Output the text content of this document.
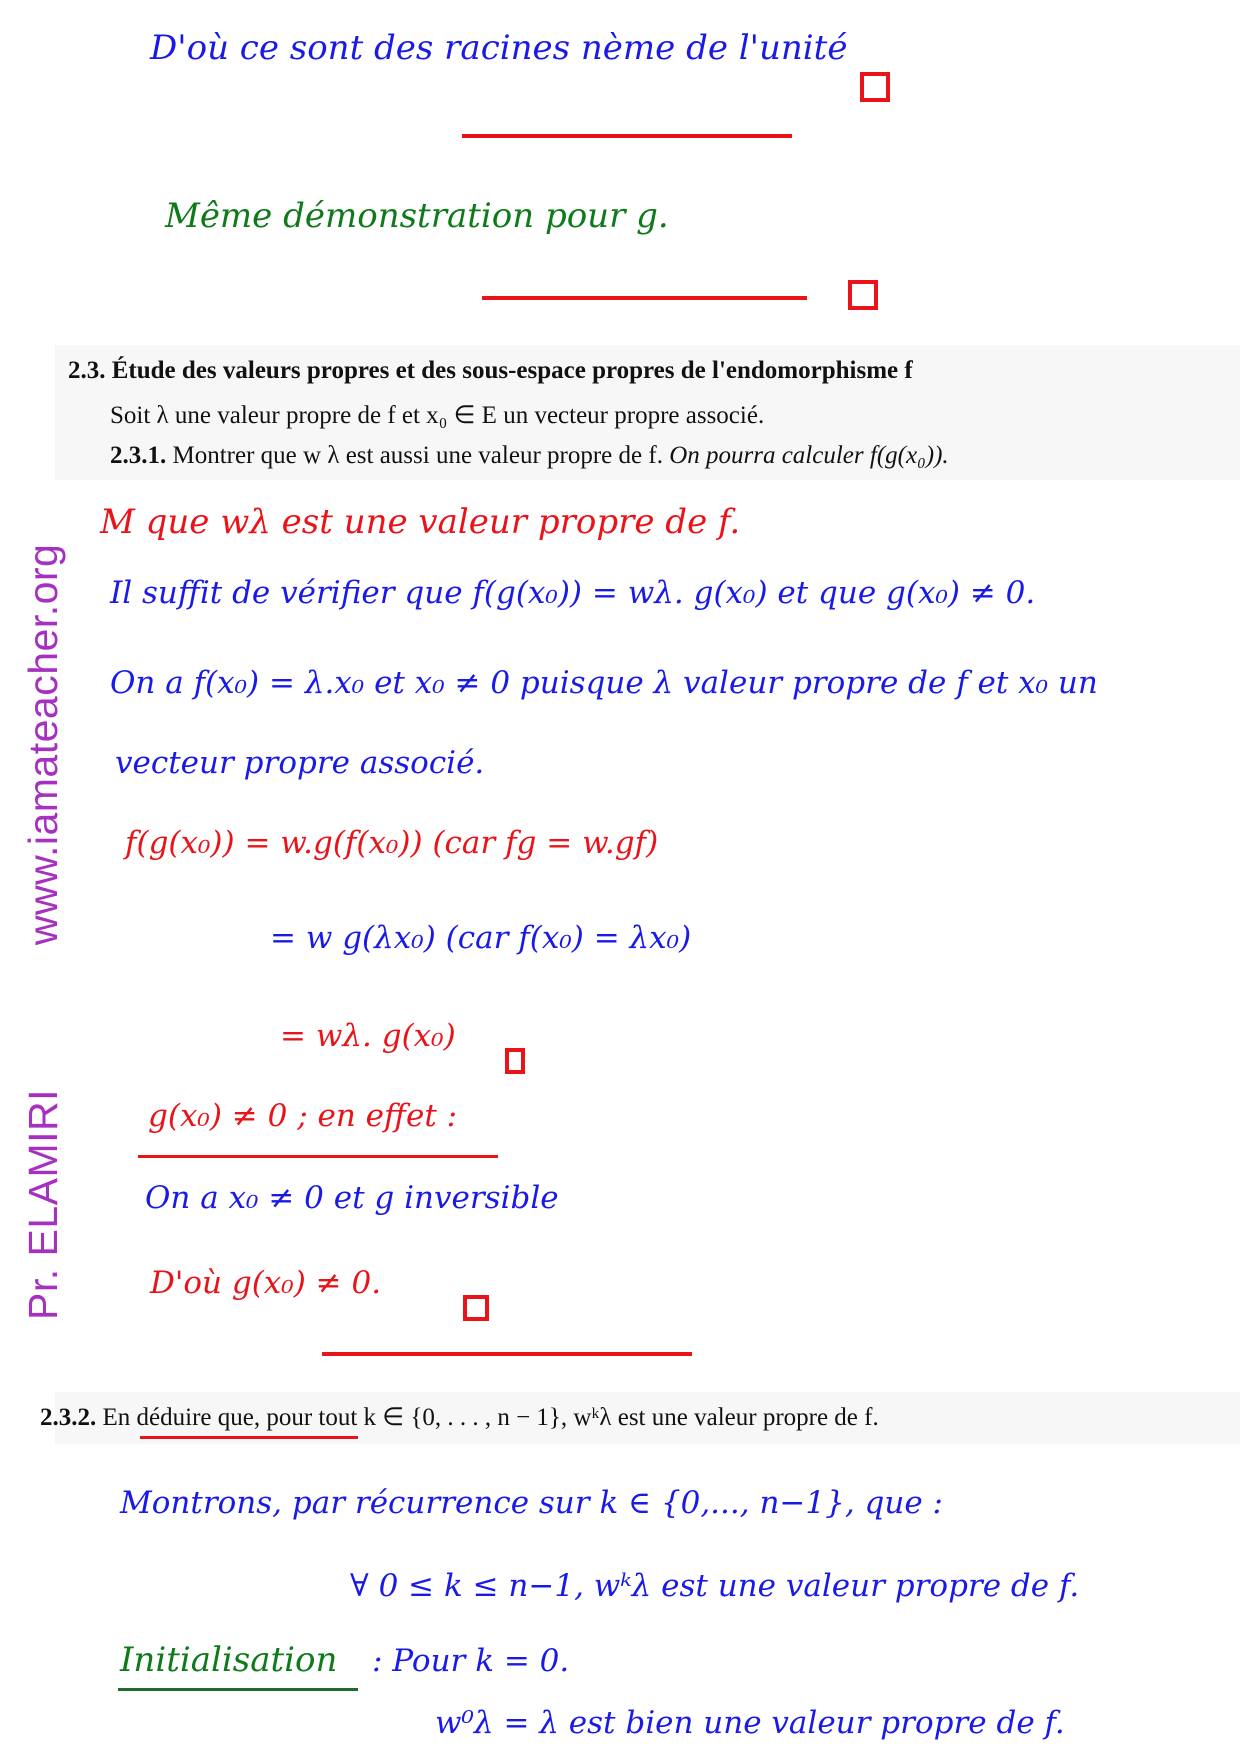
Pr. ELAMIRI  www.iamateacher.org
D'où ce sont des racines nème de l'unité
Même démonstration pour g.
2.3. Étude des valeurs propres et des sous-espace propres de l'endomorphisme f
Soit λ une valeur propre de f et x₀ ∈ E un vecteur propre associé.
2.3.1. Montrer que w λ est aussi une valeur propre de f. On pourra calculer f(g(x₀)).
M que wλ est une valeur propre de f.
Il suffit de vérifier que f(g(x₀)) = wλ. g(x₀) et que g(x₀) ≠ 0.
On a f(x₀) = λ.x₀ et x₀ ≠ 0 puisque λ valeur propre de f et x₀ un
vecteur propre associé.
f(g(x₀)) = w.g(f(x₀)) (car fg = w.gf)
= w g(λx₀) (car f(x₀) = λx₀)
= wλ. g(x₀)
g(x₀) ≠ 0 ; en effet :
On a x₀ ≠ 0 et g inversible
D'où g(x₀) ≠ 0.
2.3.2. En déduire que, pour tout k ∈ {0, . . . , n − 1}, wᵏλ est une valeur propre de f.
Montrons, par récurrence sur k ∈ {0,..., n−1}, que :
∀ 0 ≤ k ≤ n−1, wᵏλ est une valeur propre de f.
Initialisation : Pour k = 0.
w⁰λ = λ est bien une valeur propre de f.
